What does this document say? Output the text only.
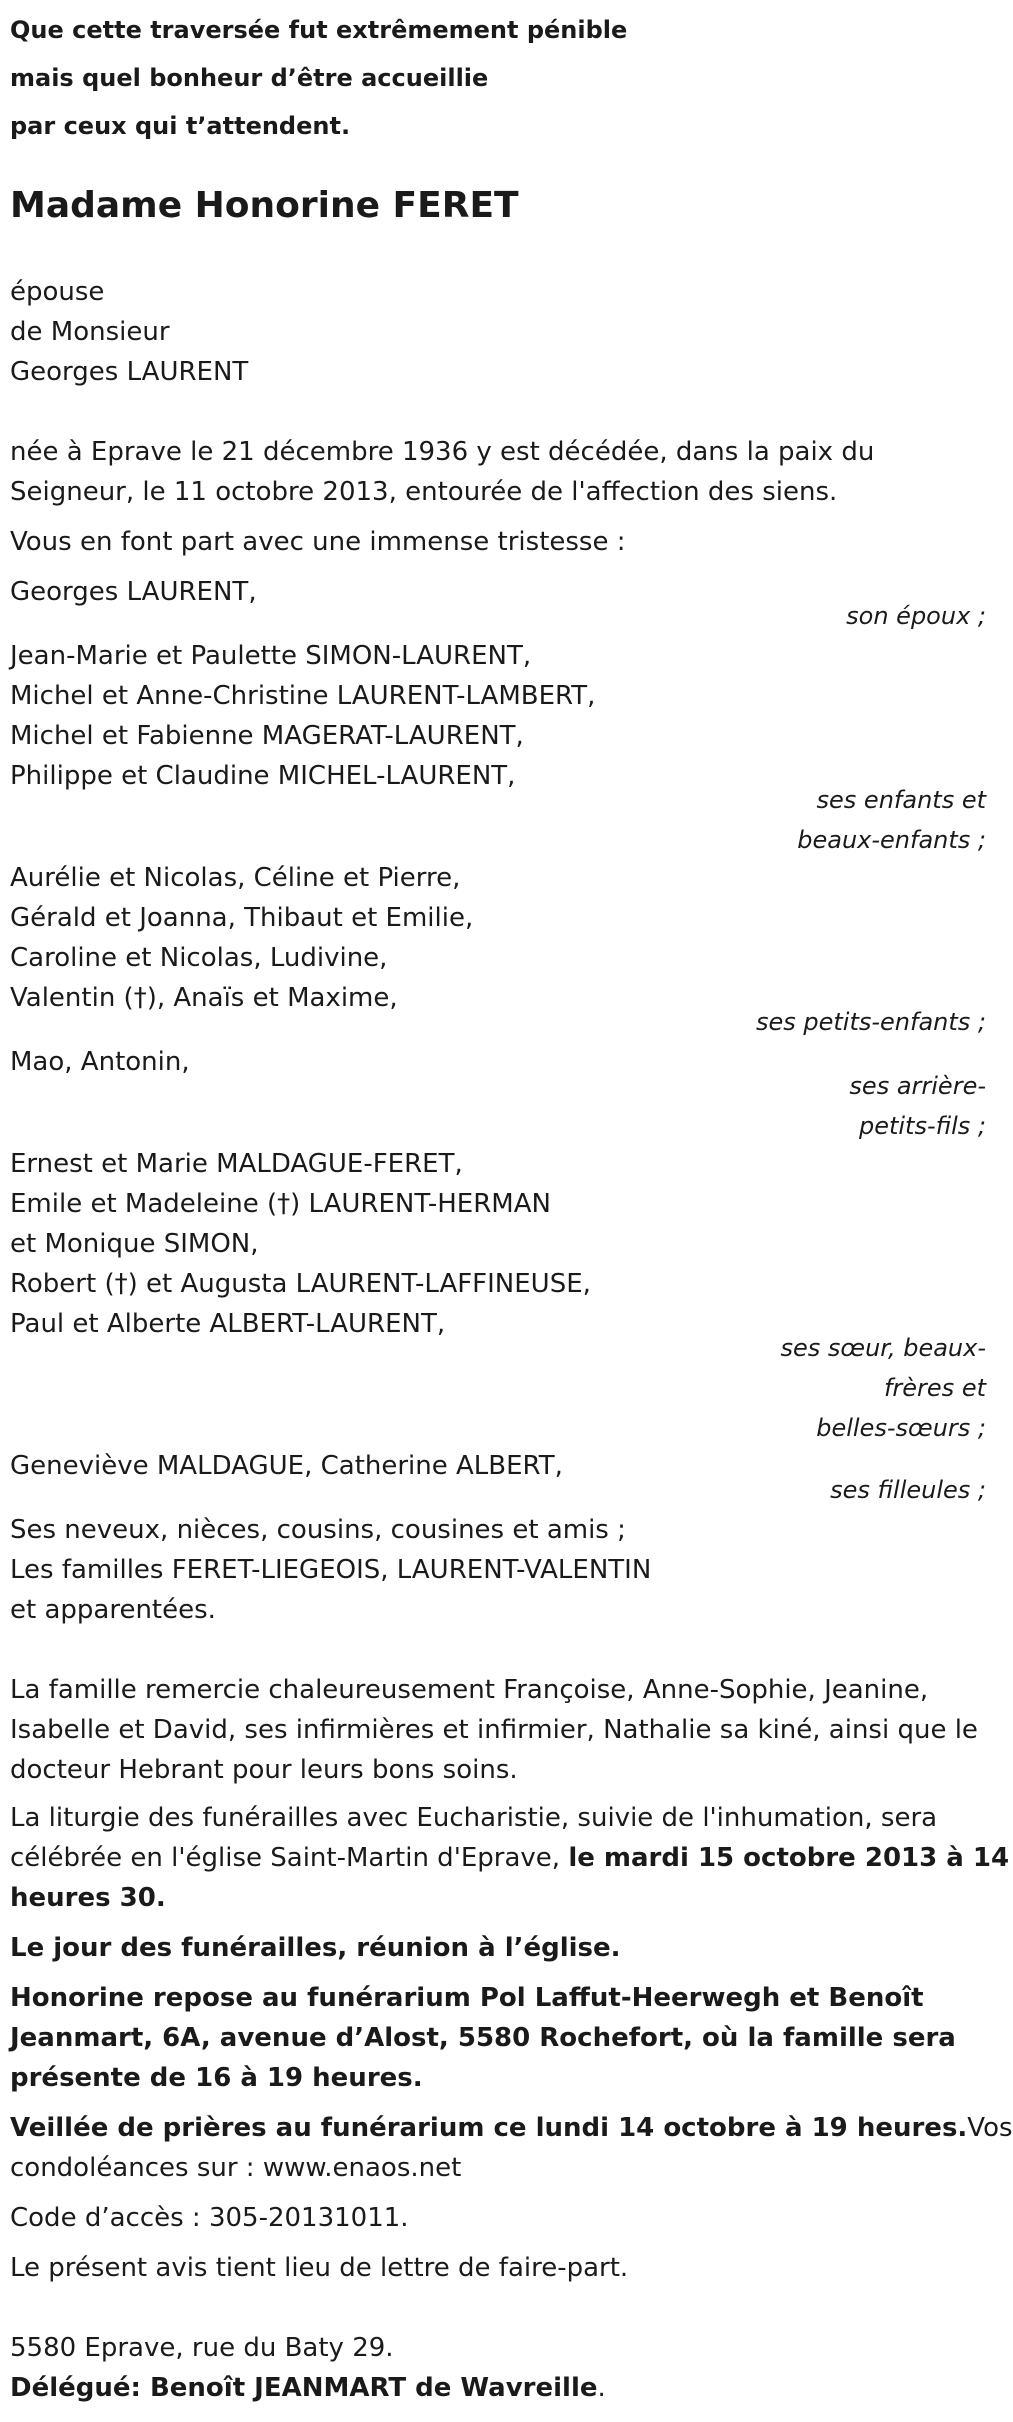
Que cette traversée fut extrêmement pénible
mais quel bonheur d’être accueillie
par ceux qui t’attendent.
Madame Honorine FERET
épouse
de Monsieur
Georges LAURENT
née à Eprave le 21 décembre 1936 y est décédée, dans la paix du
Seigneur, le 11 octobre 2013, entourée de l'affection des siens.
Vous en font part avec une immense tristesse :
Georges LAURENT,
son époux ;
Jean-Marie et Paulette SIMON-LAURENT,
Michel et Anne-Christine LAURENT-LAMBERT,
Michel et Fabienne MAGERAT-LAURENT,
Philippe et Claudine MICHEL-LAURENT,
ses enfants et
beaux-enfants ;
Aurélie et Nicolas, Céline et Pierre,
Gérald et Joanna, Thibaut et Emilie,
Caroline et Nicolas, Ludivine,
Valentin (†), Anaïs et Maxime,
ses petits-enfants ;
Mao, Antonin,
ses arrière-
petits-fils ;
Ernest et Marie MALDAGUE-FERET,
Emile et Madeleine (†) LAURENT-HERMAN
et Monique SIMON,
Robert (†) et Augusta LAURENT-LAFFINEUSE,
Paul et Alberte ALBERT-LAURENT,
ses sœur, beaux-
frères et
belles-sœurs ;
Geneviève MALDAGUE, Catherine ALBERT,
ses filleules ;
Ses neveux, nièces, cousins, cousines et amis ;
Les familles FERET-LIEGEOIS, LAURENT-VALENTIN
et apparentées.
La famille remercie chaleureusement Françoise, Anne-Sophie, Jeanine,
Isabelle et David, ses infirmières et infirmier, Nathalie sa kiné, ainsi que le
docteur Hebrant pour leurs bons soins.
La liturgie des funérailles avec Eucharistie, suivie de l'inhumation, sera
célébrée en l'église Saint-Martin d'Eprave, le mardi 15 octobre 2013 à 14
heures 30.
Le jour des funérailles, réunion à l’église.
Honorine repose au funérarium Pol Laffut-Heerwegh et Benoît
Jeanmart, 6A, avenue d’Alost, 5580 Rochefort, où la famille sera
présente de 16 à 19 heures.
Veillée de prières au funérarium ce lundi 14 octobre à 19 heures.Vos
condoléances sur : www.enaos.net
Code d’accès : 305-20131011.
Le présent avis tient lieu de lettre de faire-part.
5580 Eprave, rue du Baty 29.
Délégué: Benoît JEANMART de Wavreille.
